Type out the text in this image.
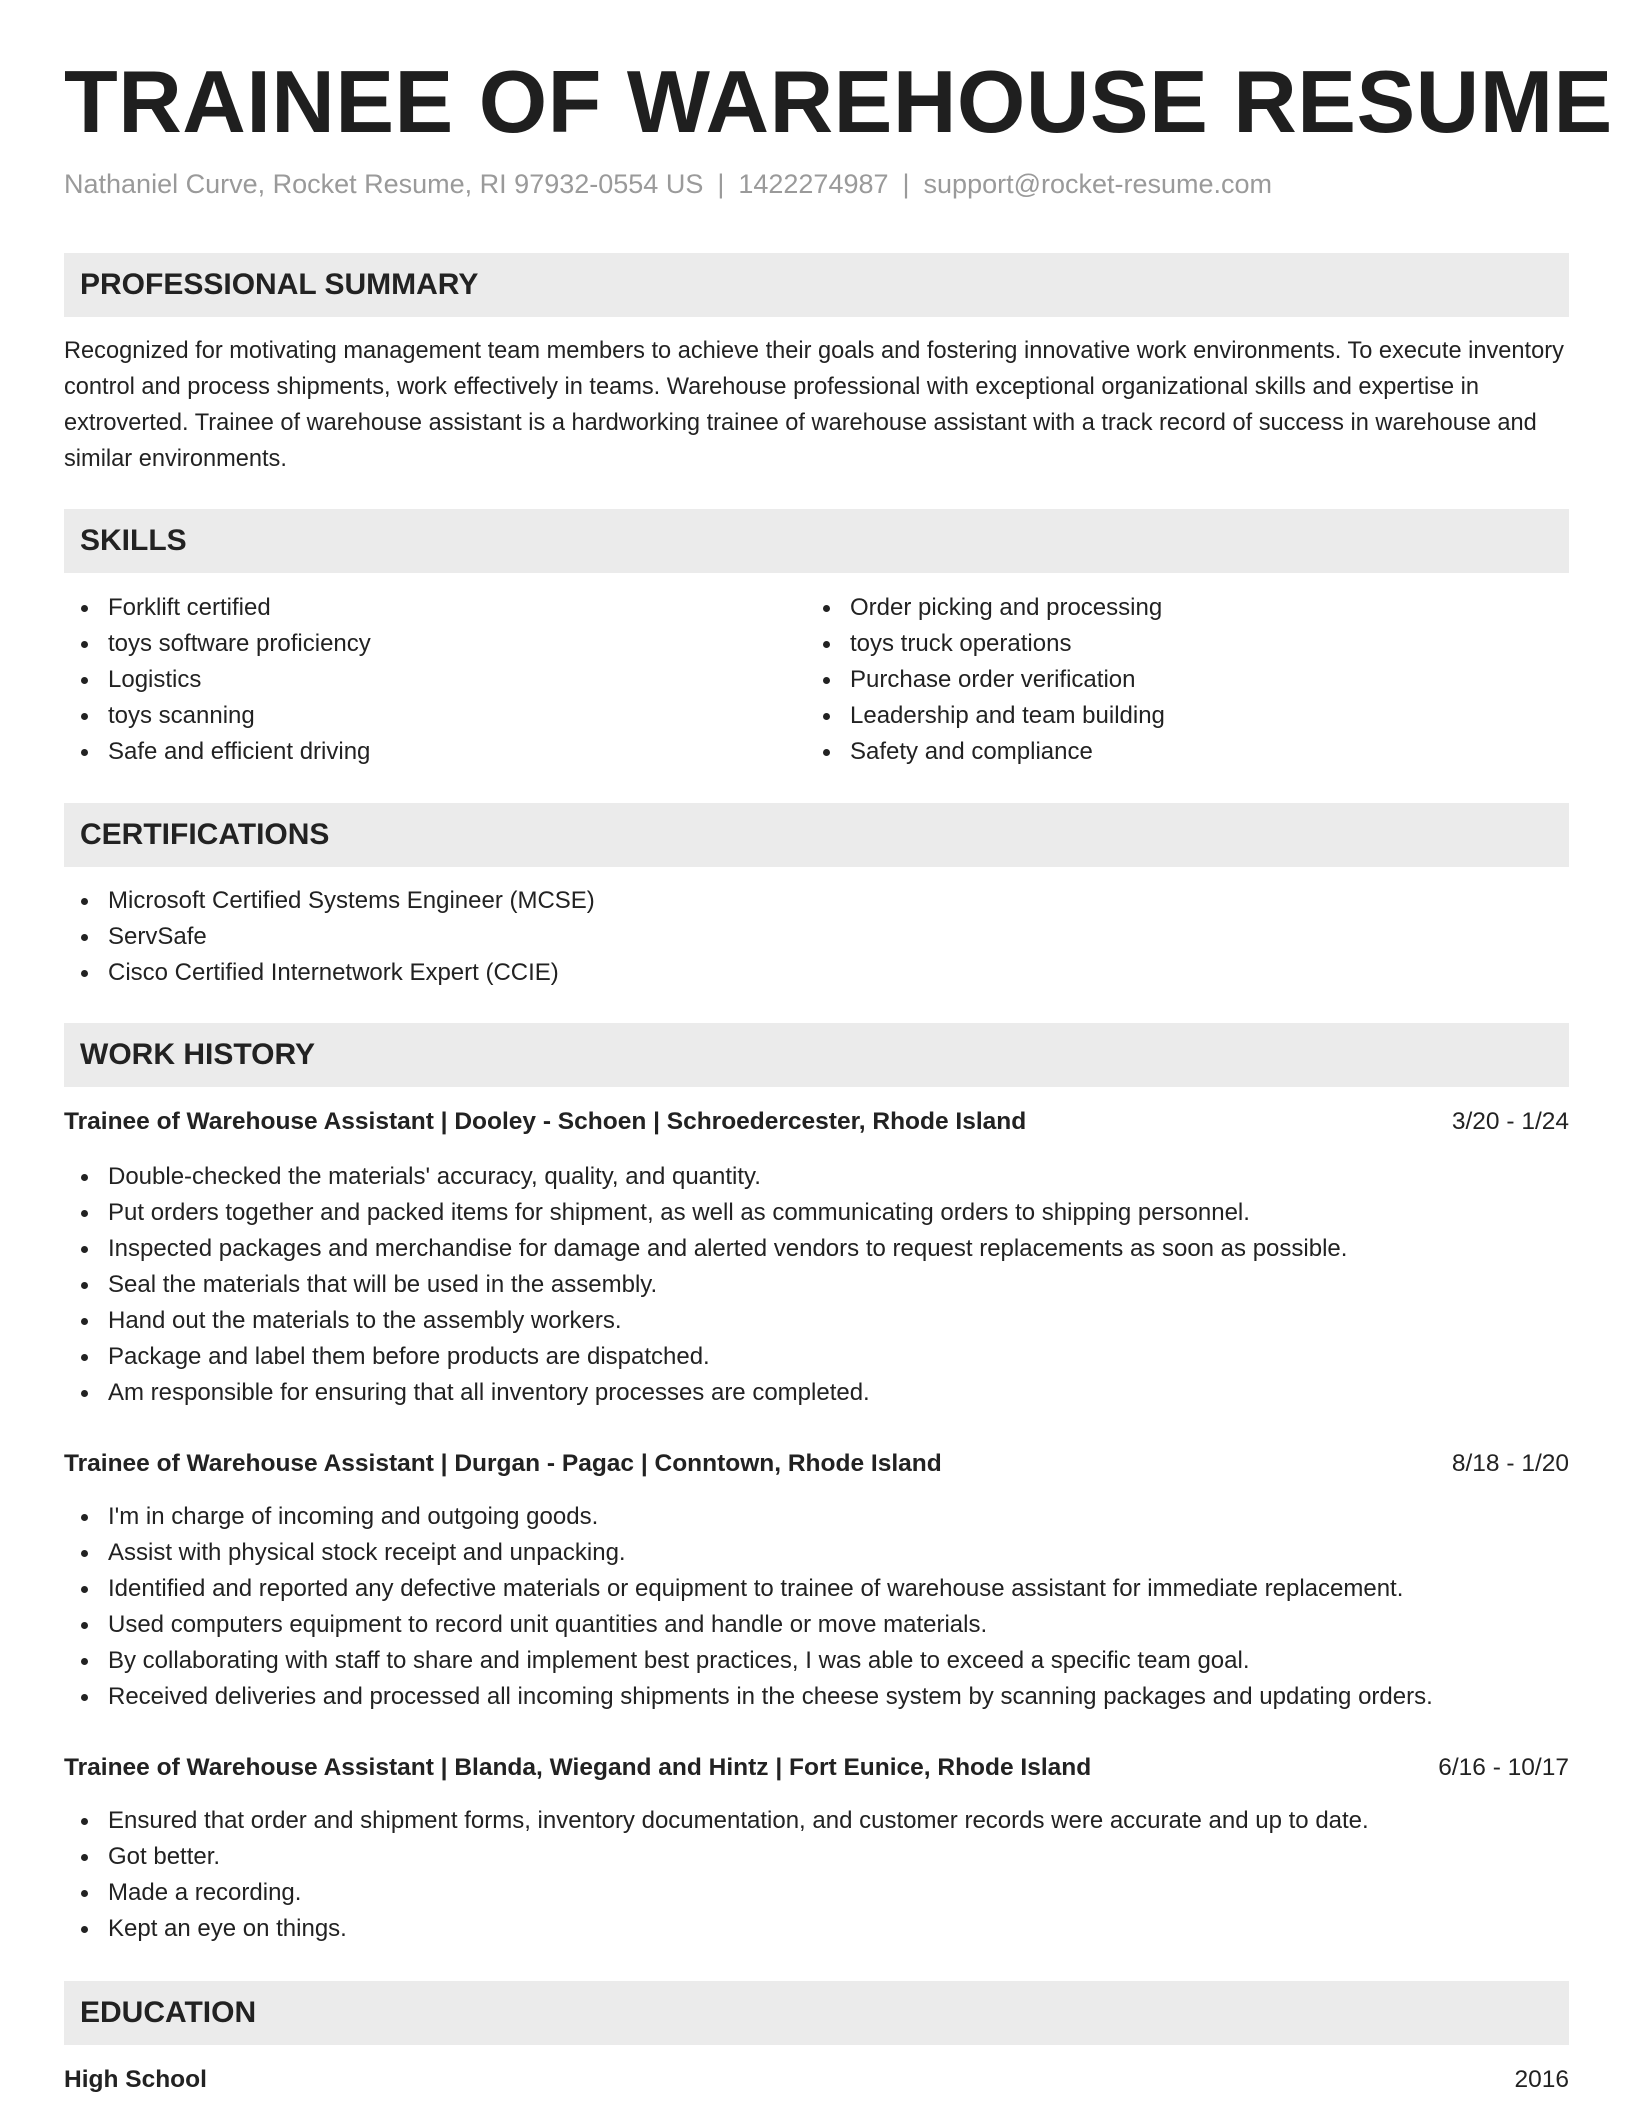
TRAINEE OF WAREHOUSE RESUME
Nathaniel Curve, Rocket Resume, RI 97932-0554 US | 1422274987 | support@rocket-resume.com
PROFESSIONAL SUMMARY

Recognized for motivating management team members to achieve their goals and fostering innovative work environments. To execute inventory control and process shipments, work effectively in teams. Warehouse professional with exceptional organizational skills and expertise in extroverted. Trainee of warehouse assistant is a hardworking trainee of warehouse assistant with a track record of success in warehouse and similar environments.

SKILLS
Forklift certified
toys software proficiency
Logistics
toys scanning
Safe and efficient driving
Order picking and processing
toys truck operations
Purchase order verification
Leadership and team building
Safety and compliance
CERTIFICATIONS
Microsoft Certified Systems Engineer (MCSE)
ServSafe
Cisco Certified Internetwork Expert (CCIE)
WORK HISTORY
Trainee of Warehouse Assistant | Dooley - Schoen | Schroedercester, Rhode Island	3/20 - 1/24
Double-checked the materials' accuracy, quality, and quantity.
Put orders together and packed items for shipment, as well as communicating orders to shipping personnel.
Inspected packages and merchandise for damage and alerted vendors to request replacements as soon as possible.
Seal the materials that will be used in the assembly.
Hand out the materials to the assembly workers.
Package and label them before products are dispatched.
Am responsible for ensuring that all inventory processes are completed.
Trainee of Warehouse Assistant | Durgan - Pagac | Conntown, Rhode Island	8/18 - 1/20
I'm in charge of incoming and outgoing goods.
Assist with physical stock receipt and unpacking.
Identified and reported any defective materials or equipment to trainee of warehouse assistant for immediate replacement.
Used computers equipment to record unit quantities and handle or move materials.
By collaborating with staff to share and implement best practices, I was able to exceed a specific team goal.
Received deliveries and processed all incoming shipments in the cheese system by scanning packages and updating orders.
Trainee of Warehouse Assistant | Blanda, Wiegand and Hintz | Fort Eunice, Rhode Island	6/16 - 10/17
Ensured that order and shipment forms, inventory documentation, and customer records were accurate and up to date.
Got better.
Made a recording.
Kept an eye on things.
EDUCATION
High School	2016
